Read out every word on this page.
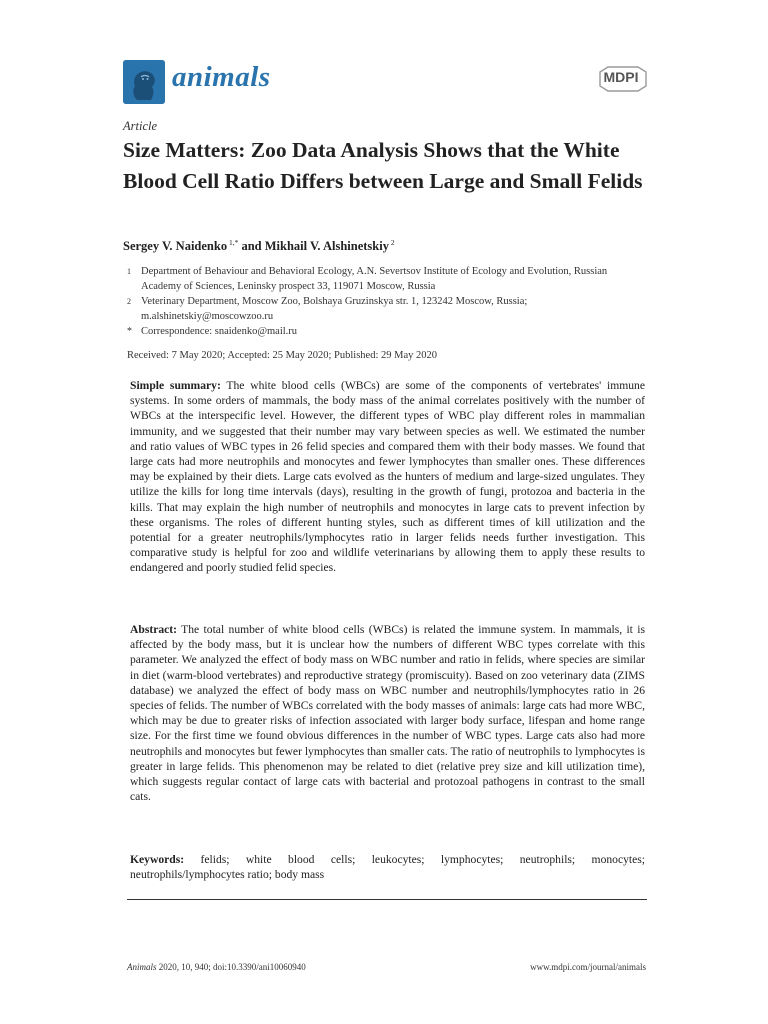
animals	MDPI
Article
Size Matters: Zoo Data Analysis Shows that the White Blood Cell Ratio Differs between Large and Small Felids
Sergey V. Naidenko $^{1,*}$ and Mikhail V. Alshinetskiy $^2$
1 Department of Behaviour and Behavioral Ecology, A.N. Severtsov Institute of Ecology and Evolution, Russian Academy of Sciences, Leninsky prospect 33, 119071 Moscow, Russia
2 Veterinary Department, Moscow Zoo, Bolshaya Gruzinskya str. 1, 123242 Moscow, Russia; m.alshinetskiy@moscowzoo.ru
* Correspondence: snaidenko@mail.ru
Received: 7 May 2020; Accepted: 25 May 2020; Published: 29 May 2020
Simple summary: The white blood cells (WBCs) are some of the components of vertebrates' immune systems. In some orders of mammals, the body mass of the animal correlates positively with the number of WBCs at the interspecific level. However, the different types of WBC play different roles in mammalian immunity, and we suggested that their number may vary between species as well. We estimated the number and ratio values of WBC types in 26 felid species and compared them with their body masses. We found that large cats had more neutrophils and monocytes and fewer lymphocytes than smaller ones. These differences may be explained by their diets. Large cats evolved as the hunters of medium and large-sized ungulates. They utilize the kills for long time intervals (days), resulting in the growth of fungi, protozoa and bacteria in the kills. That may explain the high number of neutrophils and monocytes in large cats to prevent infection by these organisms. The roles of different hunting styles, such as different times of kill utilization and the potential for a greater neutrophils/lymphocytes ratio in larger felids needs further investigation. This comparative study is helpful for zoo and wildlife veterinarians by allowing them to apply these results to endangered and poorly studied felid species.
Abstract: The total number of white blood cells (WBCs) is related the immune system. In mammals, it is affected by the body mass, but it is unclear how the numbers of different WBC types correlate with this parameter. We analyzed the effect of body mass on WBC number and ratio in felids, where species are similar in diet (warm-blood vertebrates) and reproductive strategy (promiscuity). Based on zoo veterinary data (ZIMS database) we analyzed the effect of body mass on WBC number and neutrophils/lymphocytes ratio in 26 species of felids. The number of WBCs correlated with the body masses of animals: large cats had more WBC, which may be due to greater risks of infection associated with larger body surface, lifespan and home range size. For the first time we found obvious differences in the number of WBC types. Large cats also had more neutrophils and monocytes but fewer lymphocytes than smaller cats. The ratio of neutrophils to lymphocytes is greater in large felids. This phenomenon may be related to diet (relative prey size and kill utilization time), which suggests regular contact of large cats with bacterial and protozoal pathogens in contrast to the small cats.
Keywords: felids; white blood cells; leukocytes; lymphocytes; neutrophils; monocytes; neutrophils/lymphocytes ratio; body mass
Animals 2020, 10, 940; doi:10.3390/ani10060940	www.mdpi.com/journal/animals
